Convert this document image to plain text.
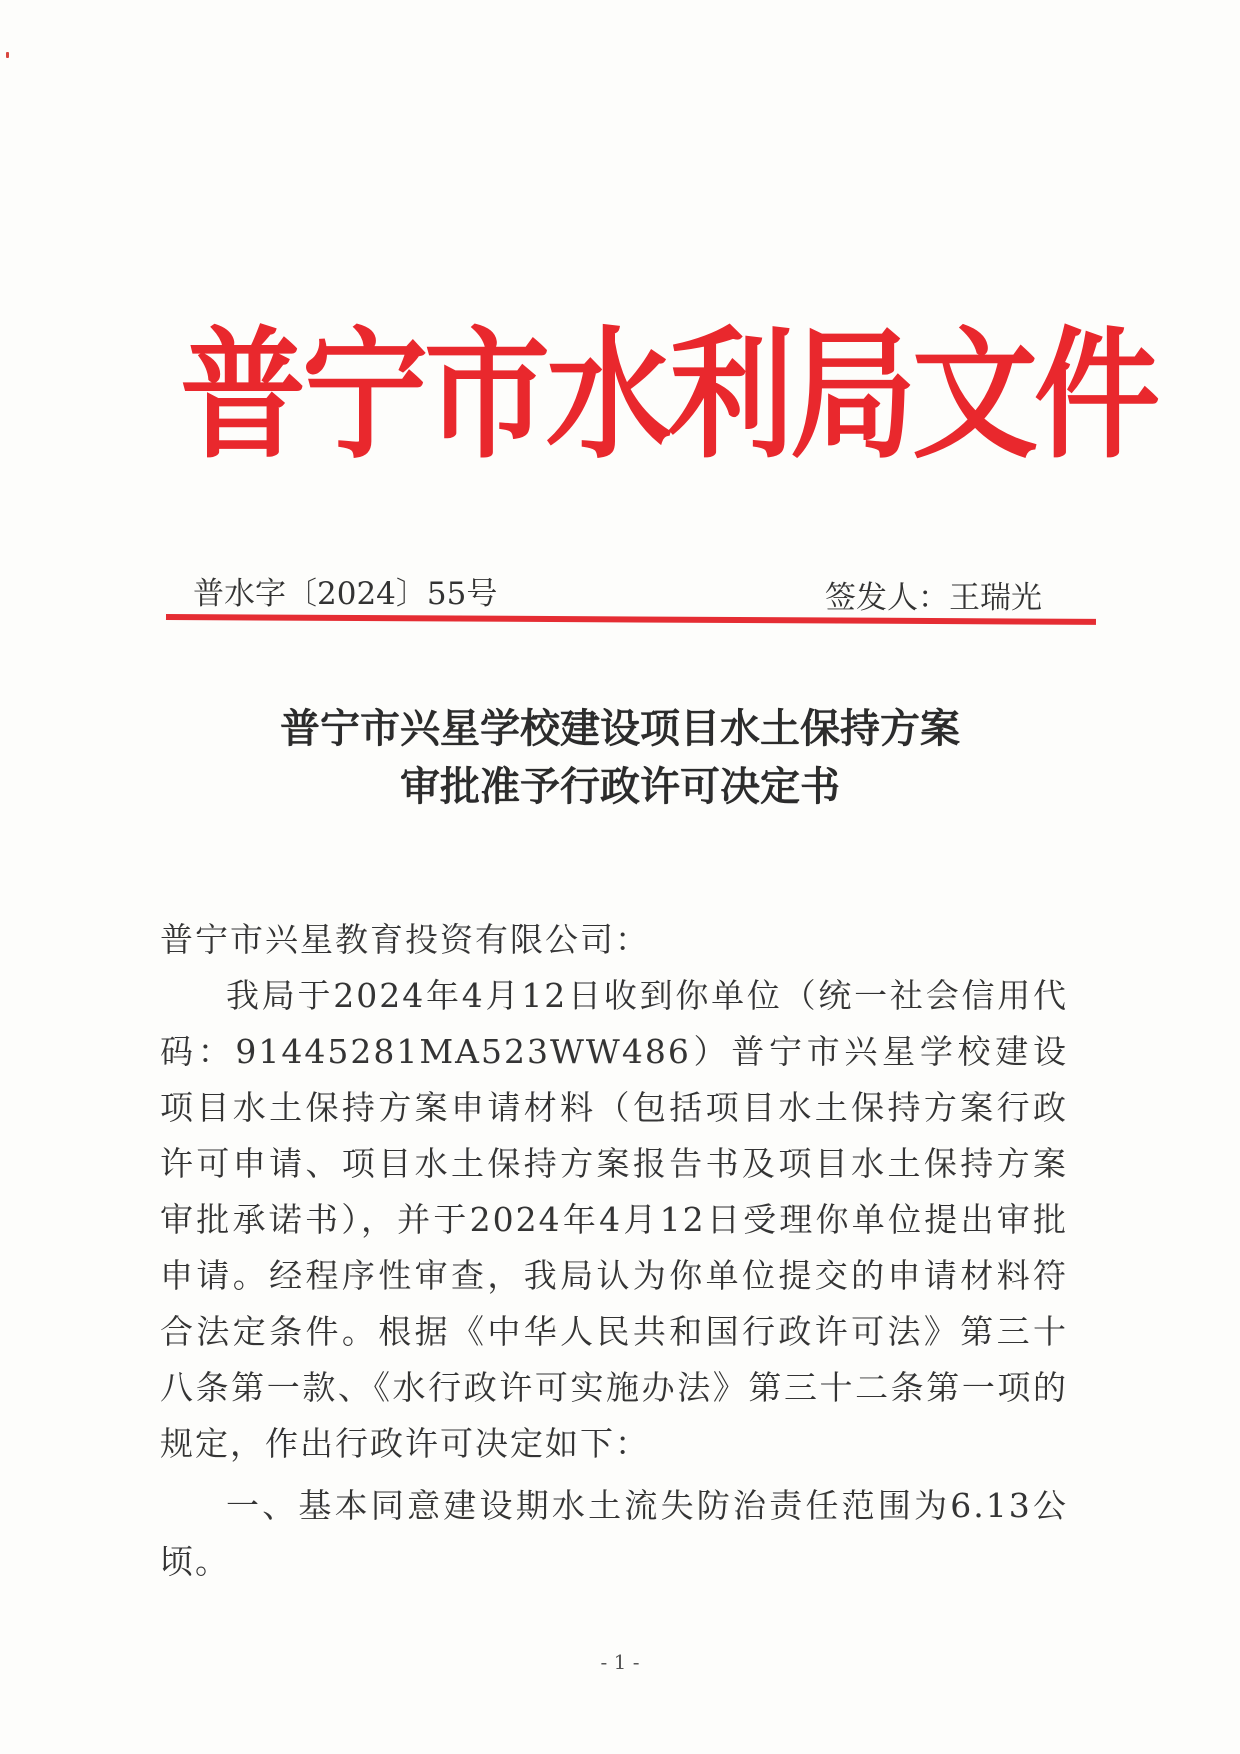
普宁市水利局文件
普水字〔2024〕55号	签发人：王瑞光
普宁市兴星学校建设项目水土保持方案
审批准予行政许可决定书

普宁市兴星教育投资有限公司：

我局于2024年4月12日收到你单位（统一社会信用代码：91445281MA523WW486）普宁市兴星学校建设项目水土保持方案申请材料（包括项目水土保持方案行政许可申请、项目水土保持方案报告书及项目水土保持方案审批承诺书），并于2024年4月12日受理你单位提出审批申请。经程序性审查，我局认为你单位提交的申请材料符合法定条件。根据《中华人民共和国行政许可法》第三十八条第一款、《水行政许可实施办法》第三十二条第一项的规定，作出行政许可决定如下：

一、基本同意建设期水土流失防治责任范围为6.13公顷。

- 1 -
